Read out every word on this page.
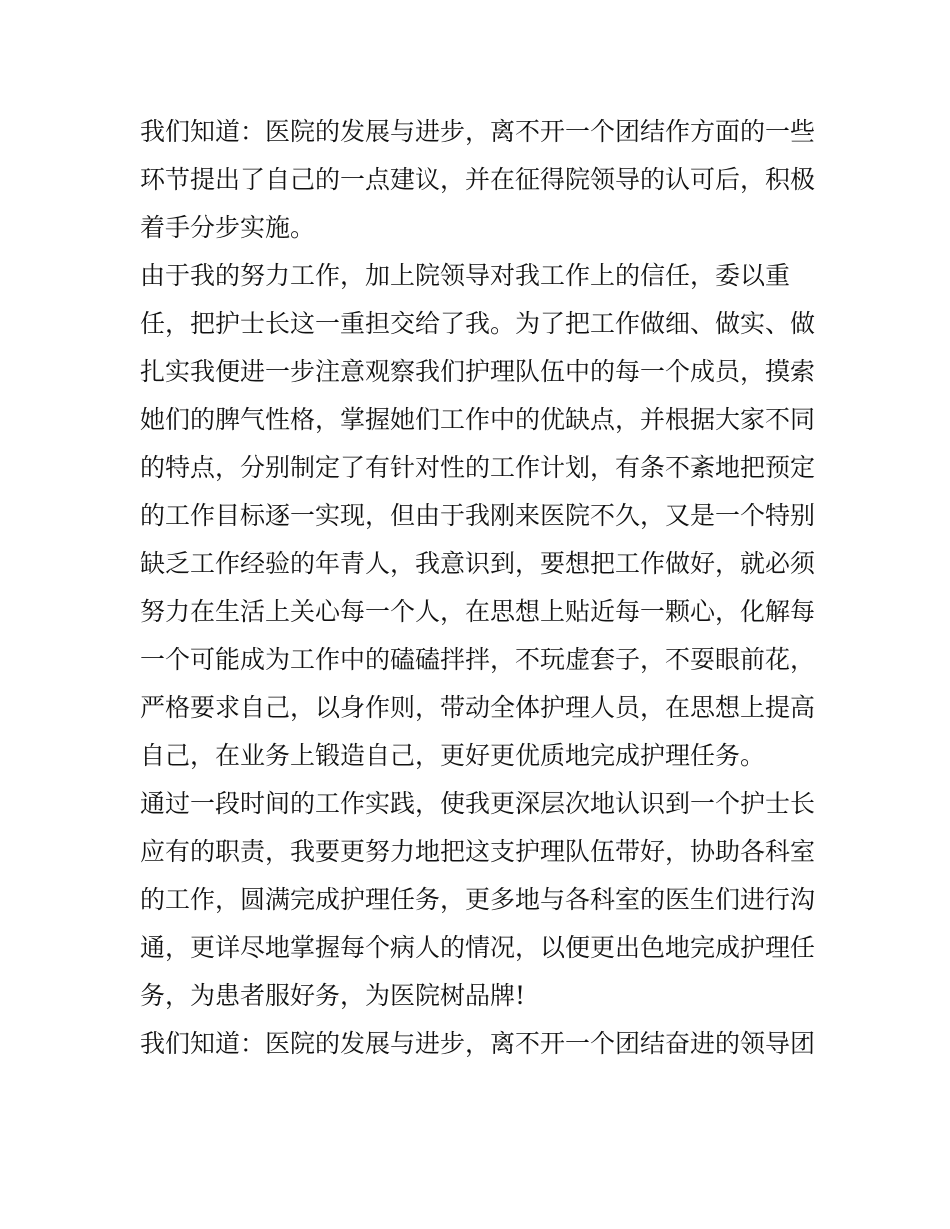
我们知道：医院的发展与进步，离不开一个团结作方面的一些
环节提出了自己的一点建议，并在征得院领导的认可后，积极
着手分步实施。
由于我的努力工作，加上院领导对我工作上的信任，委以重
任，把护士长这一重担交给了我。为了把工作做细、做实、做
扎实我便进一步注意观察我们护理队伍中的每一个成员，摸索
她们的脾气性格，掌握她们工作中的优缺点，并根据大家不同
的特点，分别制定了有针对性的工作计划，有条不紊地把预定
的工作目标逐一实现，但由于我刚来医院不久，又是一个特别
缺乏工作经验的年青人，我意识到，要想把工作做好，就必须
努力在生活上关心每一个人，在思想上贴近每一颗心，化解每
一个可能成为工作中的磕磕拌拌，不玩虚套子，不耍眼前花，
严格要求自己，以身作则，带动全体护理人员，在思想上提高
自己，在业务上锻造自己，更好更优质地完成护理任务。
通过一段时间的工作实践，使我更深层次地认识到一个护士长
应有的职责，我要更努力地把这支护理队伍带好，协助各科室
的工作，圆满完成护理任务，更多地与各科室的医生们进行沟
通，更详尽地掌握每个病人的情况，以便更出色地完成护理任
务，为患者服好务，为医院树品牌!
我们知道：医院的发展与进步，离不开一个团结奋进的领导团
